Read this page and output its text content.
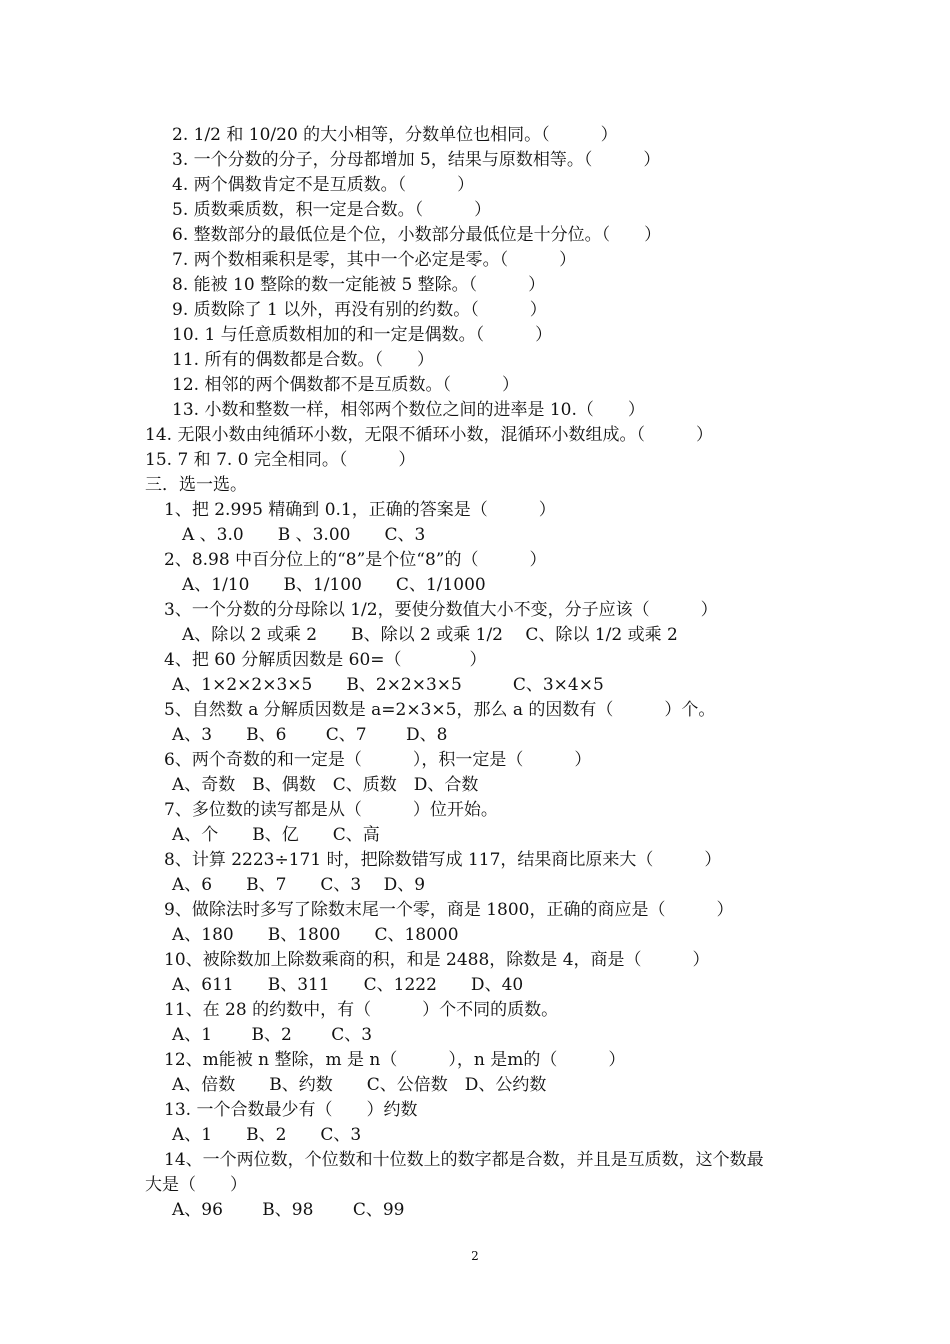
2. 1/2 和 10/20 的大小相等，分数单位也相同。（　　　）
3. 一个分数的分子，分母都增加 5，结果与原数相等。（　　　）
4. 两个偶数肯定不是互质数。（　　　）
5. 质数乘质数，积一定是合数。（　　　）
6. 整数部分的最低位是个位，小数部分最低位是十分位。（　　）
7. 两个数相乘积是零，其中一个必定是零。（　　　）
8. 能被 10 整除的数一定能被 5 整除。（　　　）
9. 质数除了 1 以外，再没有别的约数。（　　　）
10. 1 与任意质数相加的和一定是偶数。（　　　）
11. 所有的偶数都是合数。（　　）
12. 相邻的两个偶数都不是互质数。（　　　）
13. 小数和整数一样，相邻两个数位之间的进率是 10.（　　）
14. 无限小数由纯循环小数，无限不循环小数，混循环小数组成。（　　　）
15. 7 和 7. 0 完全相同。（　　　）
三．选一选。
1、把 2.995 精确到 0.1，正确的答案是（　　　）
A 、3.0　　B 、3.00　　C、3
2、8.98 中百分位上的“8”是个位“8”的（　　　）
A、1/10　　B、1/100　　C、1/1000
3、一个分数的分母除以 1/2，要使分数值大小不变，分子应该（　　　）
A、除以 2 或乘 2　　B、除以 2 或乘 1/2　 C、除以 1/2 或乘 2
4、把 60 分解质因数是 60=（　　　　）
A、1×2×2×3×5　　B、2×2×3×5　　　C、3×4×5
5、自然数 a 分解质因数是 a=2×3×5，那么 a 的因数有（　　　）个。
A、3　　B、6　　 C、7　　 D、8
6、两个奇数的和一定是（　　　），积一定是（　　　）
A、奇数　B、偶数　C、质数　D、合数
7、多位数的读写都是从（　　　）位开始。
A、个　　B、亿　　C、高
8、计算 2223÷171 时，把除数错写成 117，结果商比原来大（　　　）
A、6　　B、7　　C、3　 D、9
9、做除法时多写了除数末尾一个零，商是 1800，正确的商应是（　　　）
A、180　　B、1800　　C、18000
10、被除数加上除数乘商的积，和是 2488，除数是 4，商是（　　　）
A、611　　B、311　　C、1222　　D、40
11、在 28 的约数中，有（　　　）个不同的质数。
A、1　　 B、2　　 C、3
12、m能被 n 整除，m 是 n（　　　），n 是m的（　　　）
A、倍数　　B、约数　　C、公倍数　D、公约数
13. 一个合数最少有（　　）约数
A、1　　B、2　　C、3
14、一个两位数，个位数和十位数上的数字都是合数，并且是互质数，这个数最
大是（　　）
A、96　　 B、98　　 C、99
2
